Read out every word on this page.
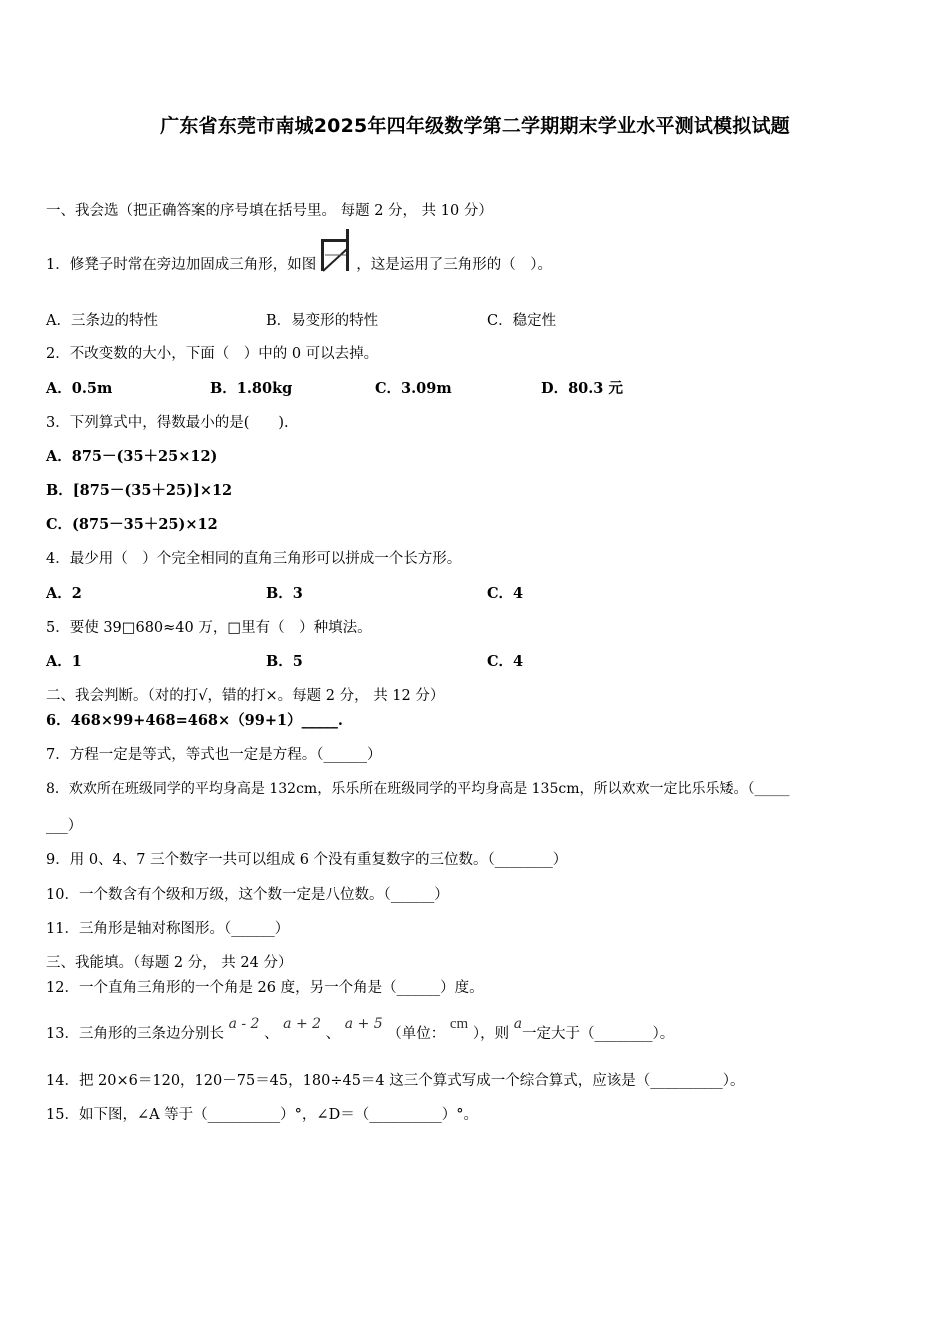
广东省东莞市南城2025年四年级数学第二学期期末学业水平测试模拟试题
一、我会选（把正确答案的序号填在括号里。 每题 2 分， 共 10 分）
1．修凳子时常在旁边加固成三角形，如图	，这是运用了三角形的（　）。
A．三条边的特性	B．易变形的特性	C．稳定性
2．不改变数的大小，下面（　）中的 0 可以去掉。
A．0.5m	B．1.80kg	C．3.09m	D．80.3 元
3．下列算式中，得数最小的是(　　).
A．875－(35＋25×12)
B．[875－(35＋25)]×12
C．(875－35＋25)×12
4．最少用（　）个完全相同的直角三角形可以拼成一个长方形。
A．2	B．3	C．4
5．要使 39□680≈40 万，□里有（　）种填法。
A．1	B．5	C．4
二、我会判断。（对的打√，错的打×。每题 2 分， 共 12 分）
6．468×99+468=468×（99+1）_____.
7．方程一定是等式，等式也一定是方程。（______）
8．欢欢所在班级同学的平均身高是 132cm，乐乐所在班级同学的平均身高是 135cm，所以欢欢一定比乐乐矮。（_____
___）
9．用 0、4、7 三个数字一共可以组成 6 个没有重复数字的三位数。（________）
10．一个数含有个级和万级，这个数一定是八位数。（______）
11．三角形是轴对称图形。（______）
三、我能填。（每题 2 分， 共 24 分）
12．一个直角三角形的一个角是 26 度，另一个角是（______）度。
13．三角形的三条边分别长 a - 2 、 a + 2 、 a + 5 （单位： cm ），则 a一定大于（________）。
14．把 20×6＝120，120－75＝45，180÷45＝4 这三个算式写成一个综合算式，应该是（__________）。
15．如下图，∠A 等于（__________）°，∠D＝（__________）°。
